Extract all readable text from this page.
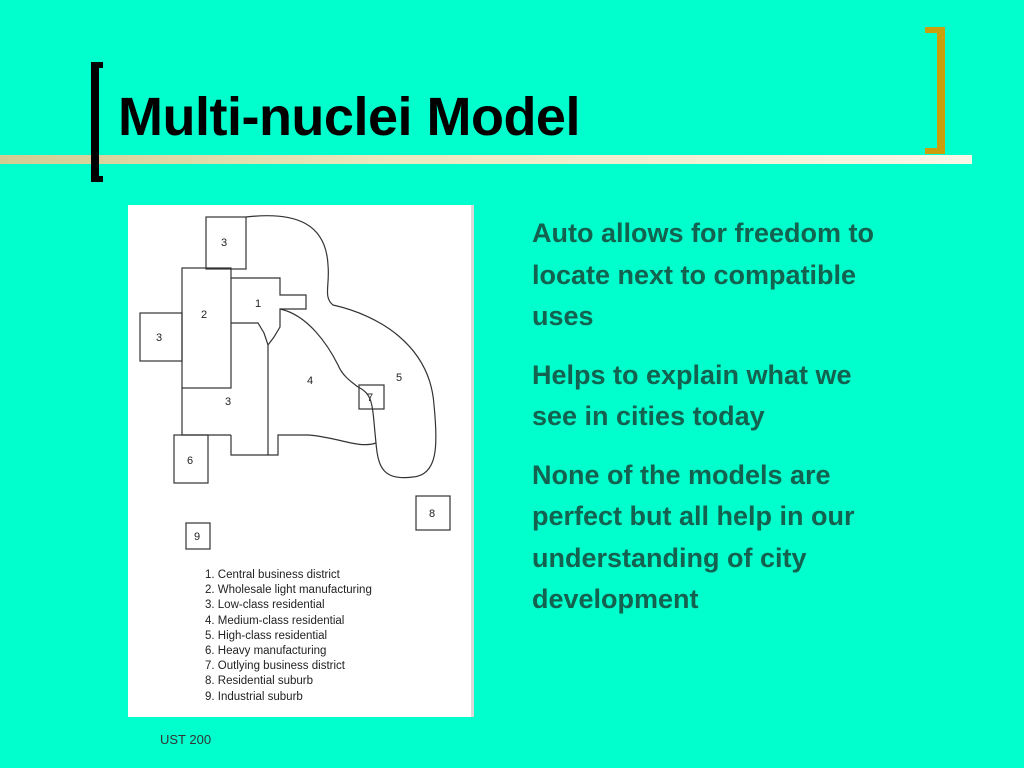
Multi-nuclei Model
3
2
3
1
4	5
3	7
6
8
9
1. Central business district
2. Wholesale light manufacturing
3. Low-class residential
4. Medium-class residential
5. High-class residential
6. Heavy manufacturing
7. Outlying business district
8. Residential suburb
9. Industrial suburb

Auto allows for freedom to locate next to compatible uses

Helps to explain what we see in cities today

None of the models are perfect but all help in our understanding of city development

UST 200
